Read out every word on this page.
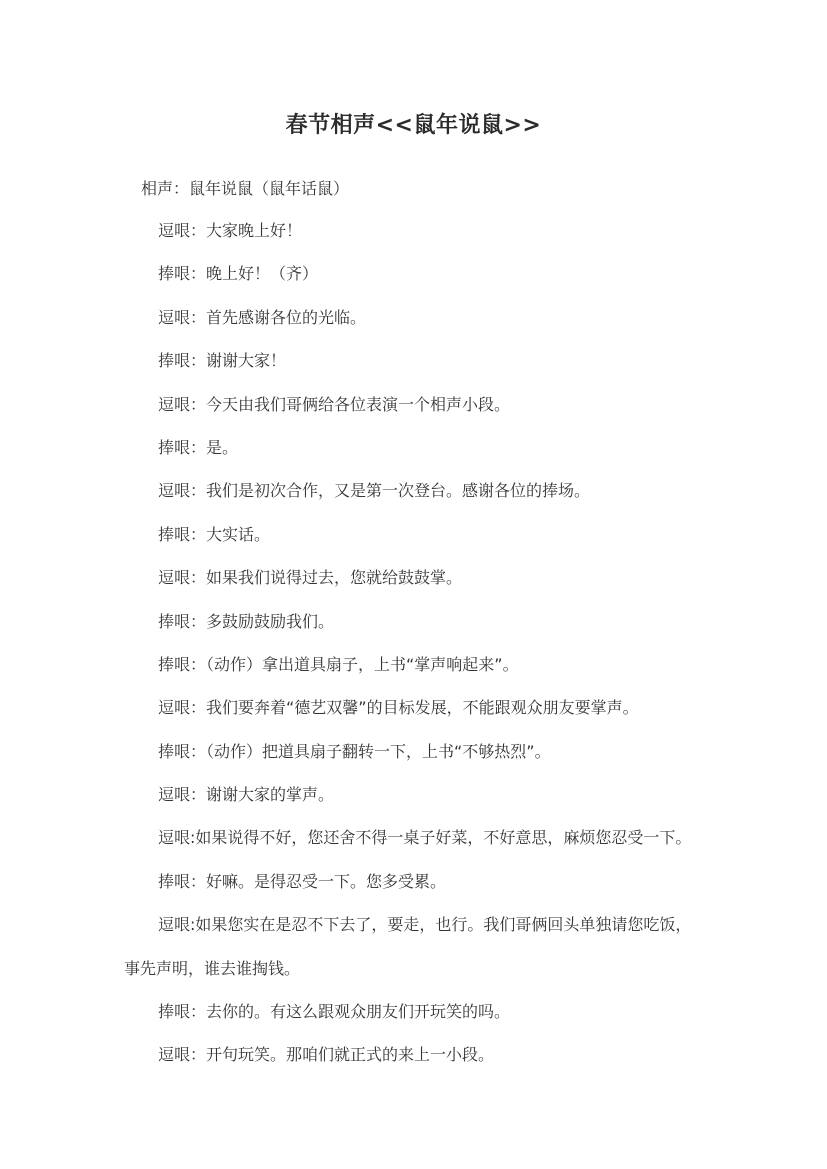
春节相声<<鼠年说鼠>>
相声：鼠年说鼠（鼠年话鼠）
逗哏：大家晚上好！
捧哏：晚上好！（齐）
逗哏：首先感谢各位的光临。
捧哏：谢谢大家！
逗哏：今天由我们哥俩给各位表演一个相声小段。
捧哏：是。
逗哏：我们是初次合作，又是第一次登台。感谢各位的捧场。
捧哏：大实话。
逗哏：如果我们说得过去，您就给鼓鼓掌。
捧哏：多鼓励鼓励我们。
捧哏：（动作）拿出道具扇子，上书“掌声响起来”。
逗哏：我们要奔着“德艺双馨”的目标发展，不能跟观众朋友要掌声。
捧哏：（动作）把道具扇子翻转一下，上书“不够热烈”。
逗哏：谢谢大家的掌声。
逗哏:如果说得不好，您还舍不得一桌子好菜，不好意思，麻烦您忍受一下。
捧哏：好嘛。是得忍受一下。您多受累。
逗哏:如果您实在是忍不下去了，要走，也行。我们哥俩回头单独请您吃饭，
事先声明，谁去谁掏钱。
捧哏：去你的。有这么跟观众朋友们开玩笑的吗。
逗哏：开句玩笑。那咱们就正式的来上一小段。
